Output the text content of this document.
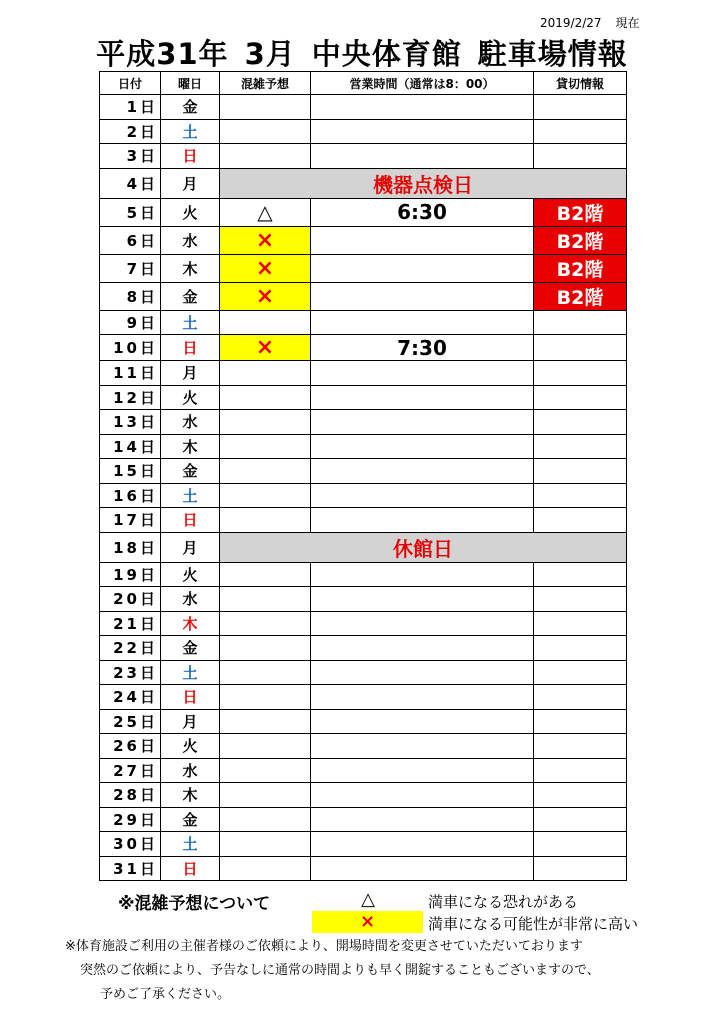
2019/2/27 現在
平成31年 3月 中央体育館 駐車場情報
日付	曜日	混雑予想	営業時間（通常は8：00）	貸切情報
1日	金			
2日	土			
3日	日			
4日	月	機器点検日		
5日	火	△	6:30	B2階
6日	水	×		B2階
7日	木	×		B2階
8日	金	×		B2階
9日	土			
10日	日	×	7:30	
11日	月			
12日	火			
13日	水			
14日	木			
15日	金			
16日	土			
17日	日			
18日	月	休館日		
19日	火			
20日	水			
21日	木			
22日	金			
23日	土			
24日	日			
25日	月			
26日	火			
27日	水			
28日	木			
29日	金			
30日	土			
31日	日			
※混雑予想について	△	満車になる恐れがある
×	満車になる可能性が非常に高い
※体育施設ご利用の主催者様のご依頼により、開場時間を変更させていただいております
突然のご依頼により、予告なしに通常の時間よりも早く開錠することもございますので、
予めご了承ください。
